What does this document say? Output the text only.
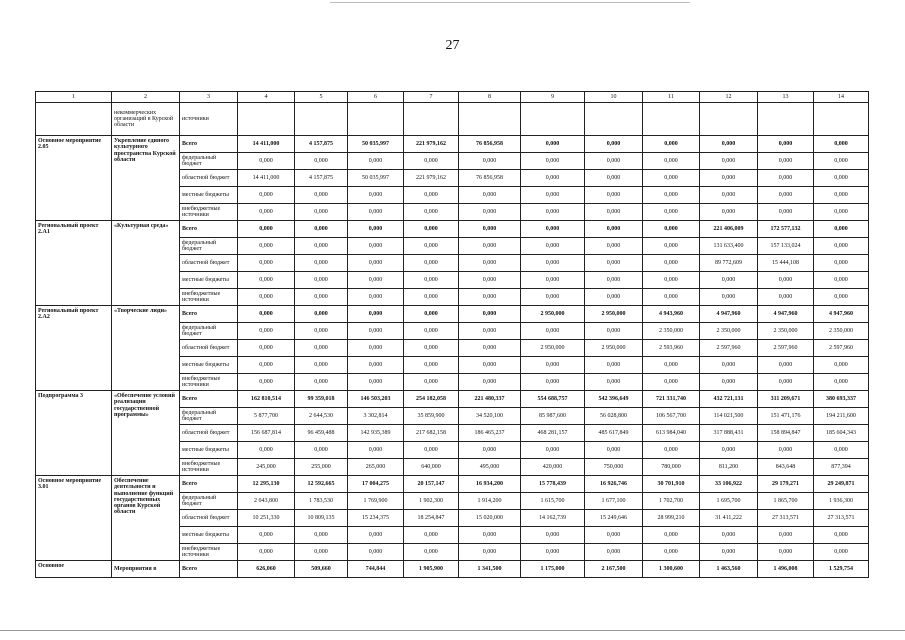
27
1	2	3	4	5	6	7	8	9	10	11	12	13	14
	некоммерческих организаций в Курской области	источники											
Основное мероприятие 2.05	Укрепление единого культурного пространства Курской области	Всего	14 411,000	4 157,875	50 035,997	221 979,162	76 856,958	0,000	0,000	0,000	0,000	0,000	0,000
		федеральный бюджет	0,000	0,000	0,000	0,000	0,000	0,000	0,000	0,000	0,000	0,000	0,000
		областной бюджет	14 411,000	4 157,875	50 035,997	221 979,162	76 856,958	0,000	0,000	0,000	0,000	0,000	0,000
		местные бюджеты	0,000	0,000	0,000	0,000	0,000	0,000	0,000	0,000	0,000	0,000	0,000
		внебюджетные источники	0,000	0,000	0,000	0,000	0,000	0,000	0,000	0,000	0,000	0,000	0,000
Региональный проект 2.А1	«Культурная среда»	Всего	0,000	0,000	0,000	0,000	0,000	0,000	0,000	0,000	221 406,009	172 577,132	0,000
		федеральный бюджет	0,000	0,000	0,000	0,000	0,000	0,000	0,000	0,000	131 633,400	157 133,024	0,000
		областной бюджет	0,000	0,000	0,000	0,000	0,000	0,000	0,000	0,000	89 772,609	15 444,108	0,000
		местные бюджеты	0,000	0,000	0,000	0,000	0,000	0,000	0,000	0,000	0,000	0,000	0,000
		внебюджетные источники	0,000	0,000	0,000	0,000	0,000	0,000	0,000	0,000	0,000	0,000	0,000
Региональный проект 2.А2	«Творческие люди»	Всего	0,000	0,000	0,000	0,000	0,000	2 950,000	2 950,000	4 943,960	4 947,960	4 947,960	4 947,960
		федеральный бюджет	0,000	0,000	0,000	0,000	0,000	0,000	0,000	2 350,000	2 350,000	2 350,000	2 350,000
		областной бюджет	0,000	0,000	0,000	0,000	0,000	2 950,000	2 950,000	2 593,960	2 597,960	2 597,960	2 597,960
		местные бюджеты	0,000	0,000	0,000	0,000	0,000	0,000	0,000	0,000	0,000	0,000	0,000
		внебюджетные источники	0,000	0,000	0,000	0,000	0,000	0,000	0,000	0,000	0,000	0,000	0,000
Подпрограмма 3	«Обеспечение условий реализации государственной программы»	Всего	162 810,514	99 359,018	146 503,203	254 182,058	221 480,337	554 688,757	542 396,649	721 331,740	432 721,131	311 209,671	380 693,337
		федеральный бюджет	5 877,700	2 644,530	3 302,814	35 859,900	34 520,100	85 987,600	56 028,800	106 567,700	114 021,500	151 471,176	194 211,600
		областной бюджет	156 687,814	96 459,488	142 935,389	217 682,158	186 465,237	468 281,157	485 617,849	613 984,040	317 888,431	158 894,847	185 604,343
		местные бюджеты	0,000	0,000	0,000	0,000	0,000	0,000	0,000	0,000	0,000	0,000	0,000
		внебюджетные источники	245,000	255,000	265,000	640,000	495,000	420,000	750,000	780,000	811,200	843,648	877,394
Основное мероприятие 3.01	Обеспечение деятельности и выполнение функций государственных органов Курской области	Всего	12 295,130	12 592,665	17 004,275	20 157,147	16 934,200	15 778,439	16 926,746	30 701,910	33 106,922	29 179,271	29 249,871
		федеральный бюджет	2 043,800	1 783,530	1 769,900	1 902,300	1 914,200	1 615,700	1 677,100	1 702,700	1 695,700	1 865,700	1 936,300
		областной бюджет	10 251,330	10 809,135	15 234,375	18 254,847	15 020,000	14 162,739	15 249,646	28 999,210	31 411,222	27 313,571	27 313,571
		местные бюджеты	0,000	0,000	0,000	0,000	0,000	0,000	0,000	0,000	0,000	0,000	0,000
		внебюджетные источники	0,000	0,000	0,000	0,000	0,000	0,000	0,000	0,000	0,000	0,000	0,000
Основное	Мероприятия в	Всего	626,060	509,660	744,844	1 905,900	1 341,500	1 175,000	2 167,500	1 300,600	1 463,560	1 496,008	1 529,754
